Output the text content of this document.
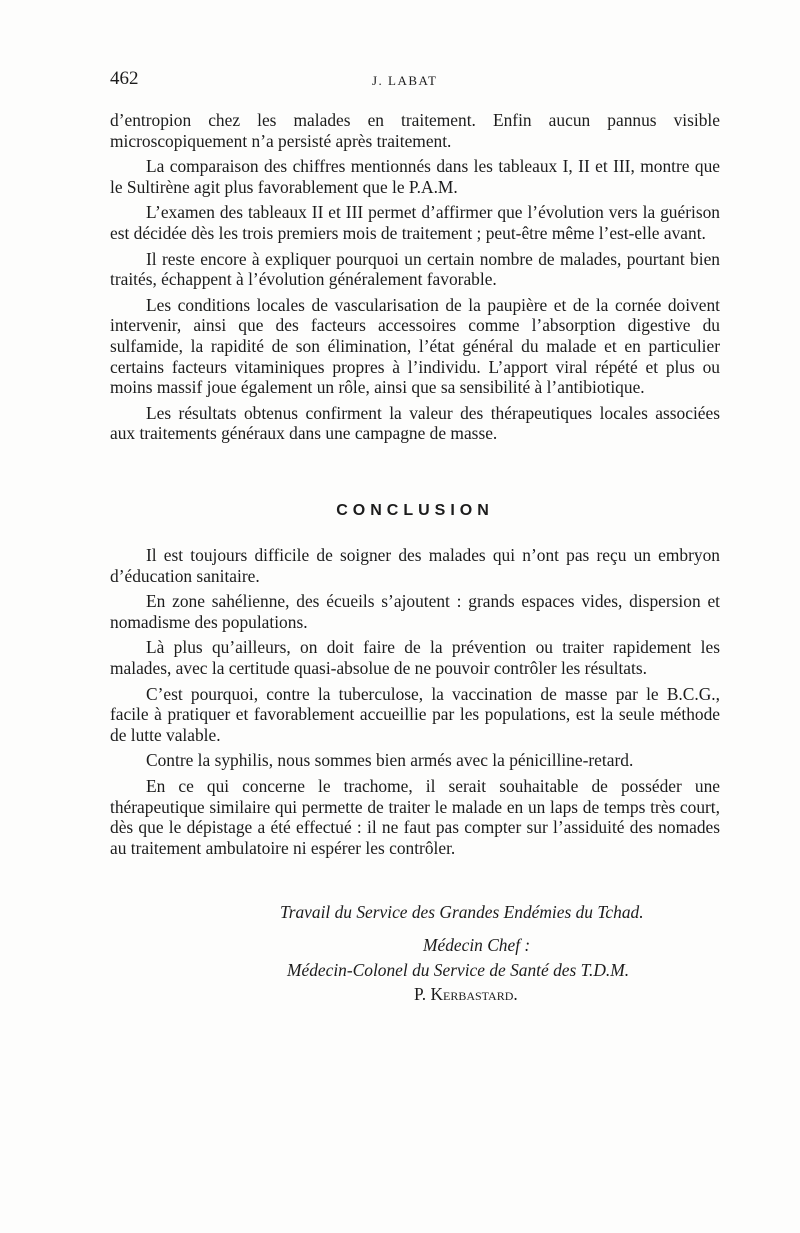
462	J. LABAT

d’entropion chez les malades en traitement. Enfin aucun pannus visible microscopiquement n’a persisté après traitement.

La comparaison des chiffres mentionnés dans les tableaux I, II et III, montre que le Sultirène agit plus favorablement que le P.A.M.

L’examen des tableaux II et III permet d’affirmer que l’évolution vers la guérison est décidée dès les trois premiers mois de traitement ; peut-être même l’est-elle avant.

Il reste encore à expliquer pourquoi un certain nombre de malades, pourtant bien traités, échappent à l’évolution généralement favorable.

Les conditions locales de vascularisation de la paupière et de la cornée doivent intervenir, ainsi que des facteurs accessoires comme l’absorption digestive du sulfamide, la rapidité de son élimination, l’état général du malade et en particulier certains facteurs vitaminiques propres à l’individu. L’apport viral répété et plus ou moins massif joue également un rôle, ainsi que sa sensibilité à l’antibiotique.

Les résultats obtenus confirment la valeur des thérapeutiques locales associées aux traitements généraux dans une campagne de masse.

CONCLUSION

Il est toujours difficile de soigner des malades qui n’ont pas reçu un embryon d’éducation sanitaire.

En zone sahélienne, des écueils s’ajoutent : grands espaces vides, dispersion et nomadisme des populations.

Là plus qu’ailleurs, on doit faire de la prévention ou traiter rapidement les malades, avec la certitude quasi-absolue de ne pouvoir contrôler les résultats.

C’est pourquoi, contre la tuberculose, la vaccination de masse par le B.C.G., facile à pratiquer et favorablement accueillie par les populations, est la seule méthode de lutte valable.

Contre la syphilis, nous sommes bien armés avec la pénicilline-retard.

En ce qui concerne le trachome, il serait souhaitable de posséder une thérapeutique similaire qui permette de traiter le malade en un laps de temps très court, dès que le dépistage a été effectué : il ne faut pas compter sur l’assiduité des nomades au traitement ambulatoire ni espérer les contrôler.

Travail du Service des Grandes Endémies du Tchad.
Médecin Chef :
Médecin-Colonel du Service de Santé des T.D.M.
P. Kerbastard.
